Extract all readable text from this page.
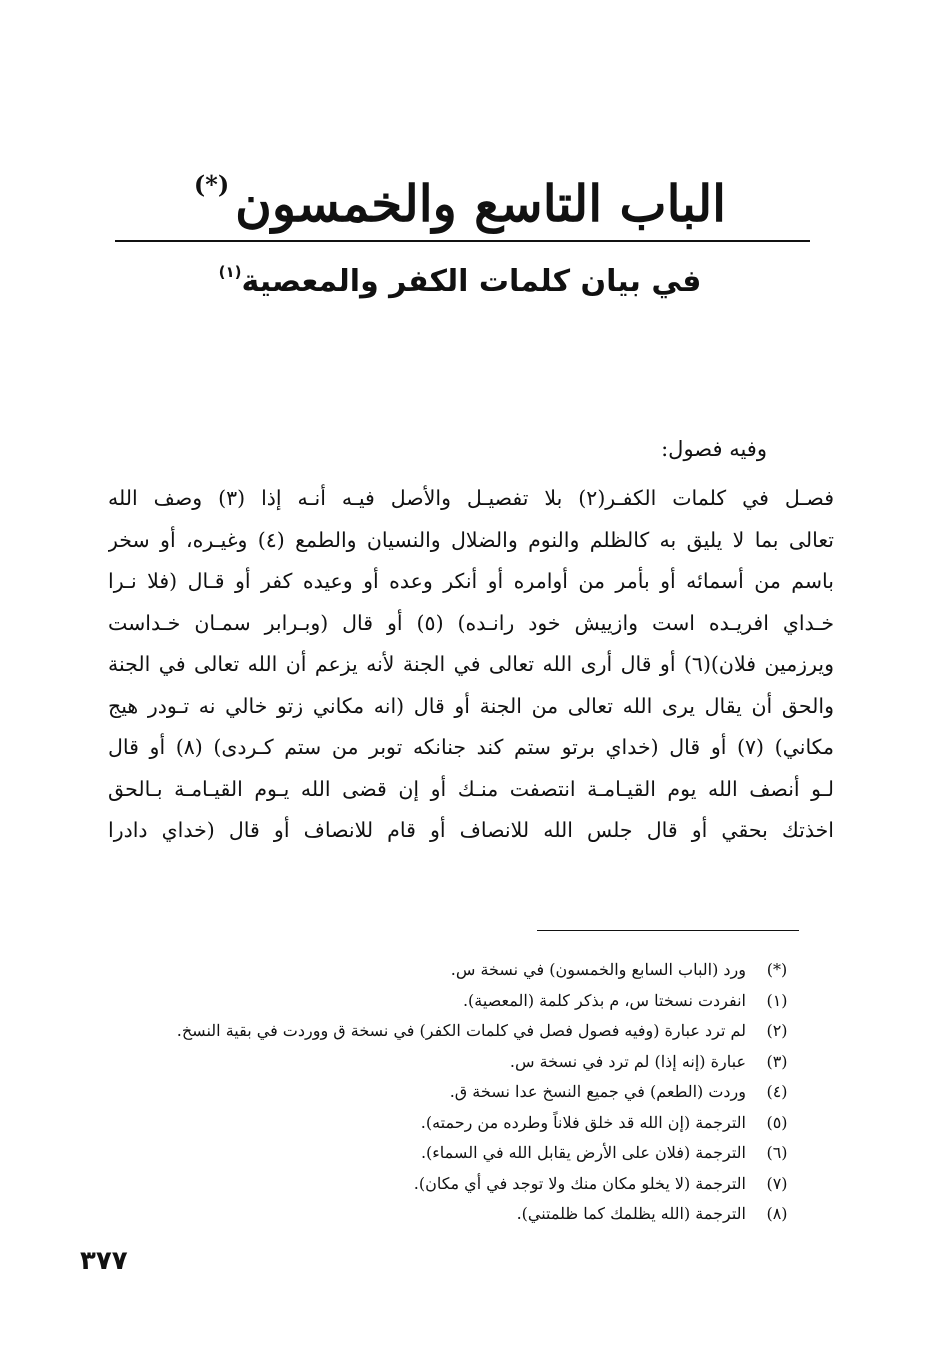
الباب التاسع والخمسون(*)
في بيان كلمات الكفر والمعصية$^{(١)}$

وفيه فصول:

فصـل في كلمات الكفـر(٢) بلا تفصيـل والأصل فيـه أنـه إذا (٣) وصف الله
تعالى بما لا يليق به كالظلم والنوم والضلال والنسيان والطمع (٤) وغيـره، أو سخر
باسم من أسمائه أو بأمر من أوامره أو أنكر وعده أو وعيده كفر أو قـال (فلا نـرا
خـداي افريـده است وازييش خود رانـده) (٥) أو قال (وبـرابر سمـان خـداست
ويرزمين فلان)(٦) أو قال أرى الله تعالى في الجنة لأنه يزعم أن الله تعالى في الجنة
والحق أن يقال يرى الله تعالى من الجنة أو قال (انه مكاني زتو خالي نه تـودر هيج
مكاني) (٧) أو قال (خداي برتو ستم كند جنانكه توبر من ستم كـردى) (٨) أو قال
لـو أنصف الله يوم القيـامـة انتصفت منـك أو إن قضى الله يـوم القيـامـة بـالحق
اخذتك بحقي أو قال جلس الله للانصاف أو قام للانصاف أو قال (خداي دادرا
(*)
ورد (الباب السابع والخمسون) في نسخة س.
(١)
انفردت نسختا س، م بذكر كلمة (المعصية).
(٢)
لم ترد عبارة (وفيه فصول فصل في كلمات الكفر) في نسخة ق ووردت في بقية النسخ.
(٣)
عبارة (إنه إذا) لم ترد في نسخة س.
(٤)
وردت (الطعم) في جميع النسخ عدا نسخة ق.
(٥)
الترجمة (إن الله قد خلق فلاناً وطرده من رحمته).
(٦)
الترجمة (فلان على الأرض يقابل الله في السماء).
(٧)
الترجمة (لا يخلو مكان منك ولا توجد في أي مكان).
(٨)
الترجمة (الله يظلمك كما ظلمتني).
٣٧٧
